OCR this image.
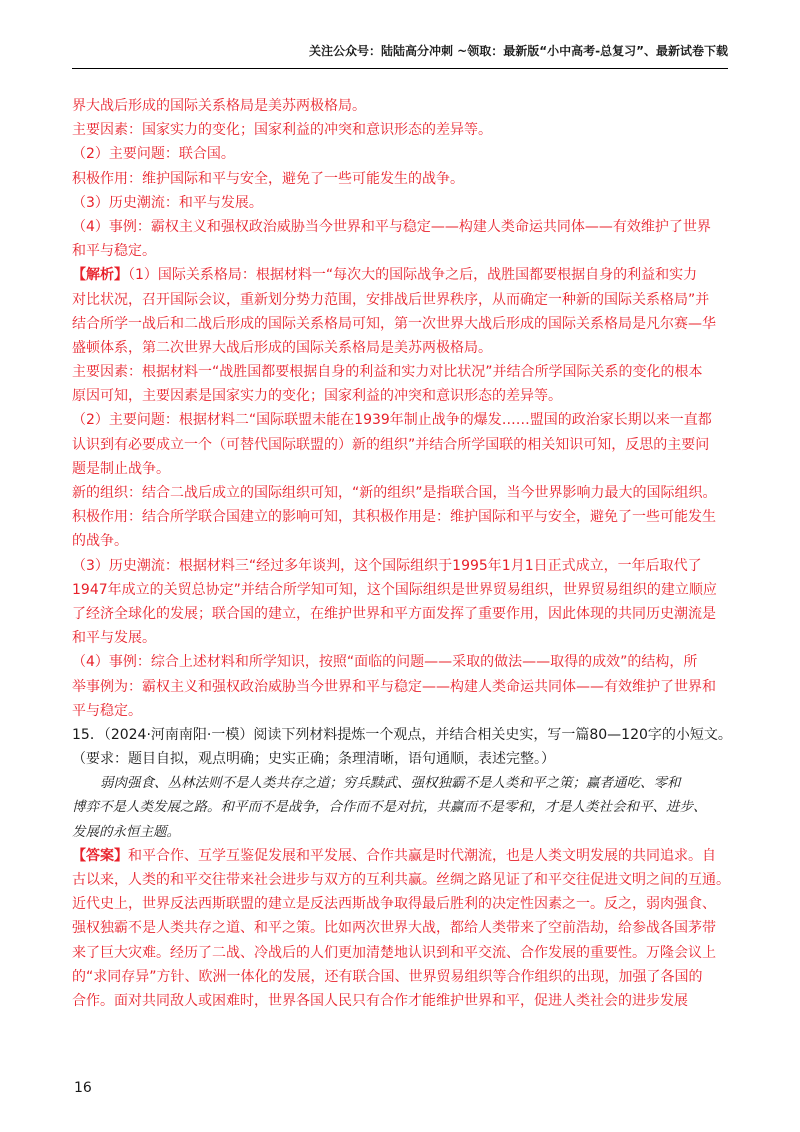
关注公众号：陆陆高分冲刺 ~领取：最新版“小中高考-总复习”、最新试卷下载
界大战后形成的国际关系格局是美苏两极格局。
主要因素：国家实力的变化；国家利益的冲突和意识形态的差异等。
（2）主要问题：联合国。
积极作用：维护国际和平与安全，避免了一些可能发生的战争。
（3）历史潮流：和平与发展。
（4）事例：霸权主义和强权政治威胁当今世界和平与稳定——构建人类命运共同体——有效维护了世界
和平与稳定。
【解析】（1）国际关系格局：根据材料一“每次大的国际战争之后，战胜国都要根据自身的利益和实力
对比状况，召开国际会议，重新划分势力范围，安排战后世界秩序，从而确定一种新的国际关系格局”并
结合所学一战后和二战后形成的国际关系格局可知，第一次世界大战后形成的国际关系格局是凡尔赛—华
盛顿体系，第二次世界大战后形成的国际关系格局是美苏两极格局。
主要因素：根据材料一“战胜国都要根据自身的利益和实力对比状况”并结合所学国际关系的变化的根本
原因可知，主要因素是国家实力的变化；国家利益的冲突和意识形态的差异等。
（2）主要问题：根据材料二“国际联盟未能在1939年制止战争的爆发……盟国的政治家长期以来一直都
认识到有必要成立一个（可替代国际联盟的）新的组织”并结合所学国联的相关知识可知，反思的主要问
题是制止战争。
新的组织：结合二战后成立的国际组织可知，“新的组织”是指联合国，当今世界影响力最大的国际组织。
积极作用：结合所学联合国建立的影响可知，其积极作用是：维护国际和平与安全，避免了一些可能发生
的战争。
（3）历史潮流：根据材料三“经过多年谈判，这个国际组织于1995年1月1日正式成立，一年后取代了
1947年成立的关贸总协定”并结合所学知可知，这个国际组织是世界贸易组织，世界贸易组织的建立顺应
了经济全球化的发展；联合国的建立，在维护世界和平方面发挥了重要作用，因此体现的共同历史潮流是
和平与发展。
（4）事例：综合上述材料和所学知识，按照“面临的问题——采取的做法——取得的成效”的结构，所
举事例为：霸权主义和强权政治威胁当今世界和平与稳定——构建人类命运共同体——有效维护了世界和
平与稳定。
15．（2024·河南南阳·一模）阅读下列材料提炼一个观点，并结合相关史实，写一篇80—120字的小短文。
（要求：题目自拟，观点明确；史实正确；条理清晰，语句通顺，表述完整。）
弱肉强食、丛林法则不是人类共存之道；穷兵黩武、强权独霸不是人类和平之策；赢者通吃、零和
博弈不是人类发展之路。和平而不是战争，合作而不是对抗，共赢而不是零和，才是人类社会和平、进步、
发展的永恒主题。
【答案】和平合作、互学互鉴促发展和平发展、合作共赢是时代潮流，也是人类文明发展的共同追求。自
古以来，人类的和平交往带来社会进步与双方的互利共赢。丝绸之路见证了和平交往促进文明之间的互通。
近代史上，世界反法西斯联盟的建立是反法西斯战争取得最后胜利的决定性因素之一。反之，弱肉强食、
强权独霸不是人类共存之道、和平之策。比如两次世界大战，都给人类带来了空前浩劫，给参战各国茅带
来了巨大灾难。经历了二战、冷战后的人们更加清楚地认识到和平交流、合作发展的重要性。万隆会议上
的“求同存异”方针、欧洲一体化的发展，还有联合国、世界贸易组织等合作组织的出现，加强了各国的
合作。面对共同敌人或困难时，世界各国人民只有合作才能维护世界和平，促进人类社会的进步发展
16
